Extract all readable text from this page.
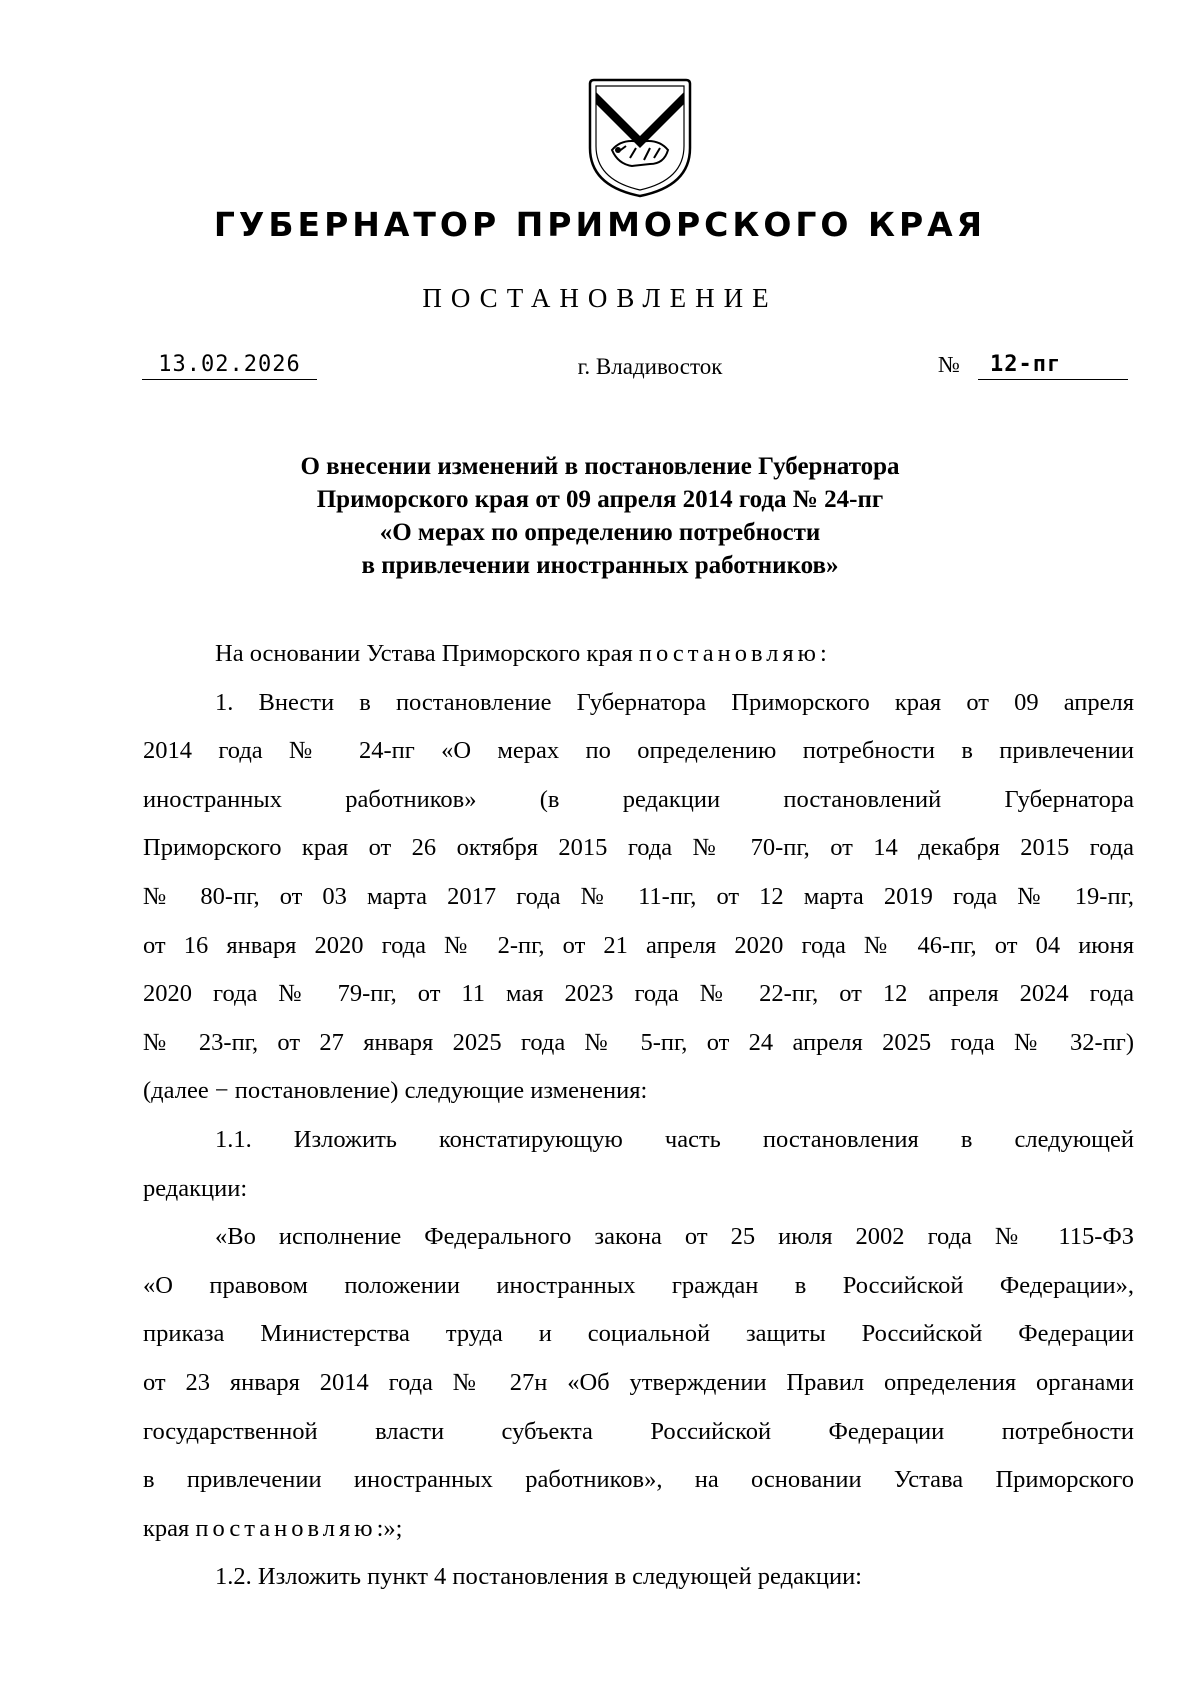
ГУБЕРНАТОР ПРИМОРСКОГО КРАЯ
ПОСТАНОВЛЕНИЕ
13.02.2026	г. Владивосток	№	12-пг
О внесении изменений в постановление Губернатора
Приморского края от 09 апреля 2014 года № 24-пг
«О мерах по определению потребности
в привлечении иностранных работников»

На основании Устава Приморского края постановляю:

1. Внести в постановление Губернатора Приморского края от 09 апреля
2014 года № 24-пг «О мерах по определению потребности в привлечении
иностранных работников» (в редакции постановлений Губернатора
Приморского края от 26 октября 2015 года № 70-пг, от 14 декабря 2015 года
№ 80-пг, от 03 марта 2017 года № 11-пг, от 12 марта 2019 года № 19-пг,
от 16 января 2020 года № 2-пг, от 21 апреля 2020 года № 46-пг, от 04 июня
2020 года № 79-пг, от 11 мая 2023 года № 22-пг, от 12 апреля 2024 года
№ 23-пг, от 27 января 2025 года № 5-пг, от 24 апреля 2025 года № 32-пг)
(далее − постановление) следующие изменения:

1.1. Изложить констатирующую часть постановления в следующей
редакции:

«Во исполнение Федерального закона от 25 июля 2002 года № 115-ФЗ
«О правовом положении иностранных граждан в Российской Федерации»,
приказа Министерства труда и социальной защиты Российской Федерации
от 23 января 2014 года № 27н «Об утверждении Правил определения органами
государственной власти субъекта Российской Федерации потребности
в привлечении иностранных работников», на основании Устава Приморского
края постановляю:»;

1.2. Изложить пункт 4 постановления в следующей редакции:
